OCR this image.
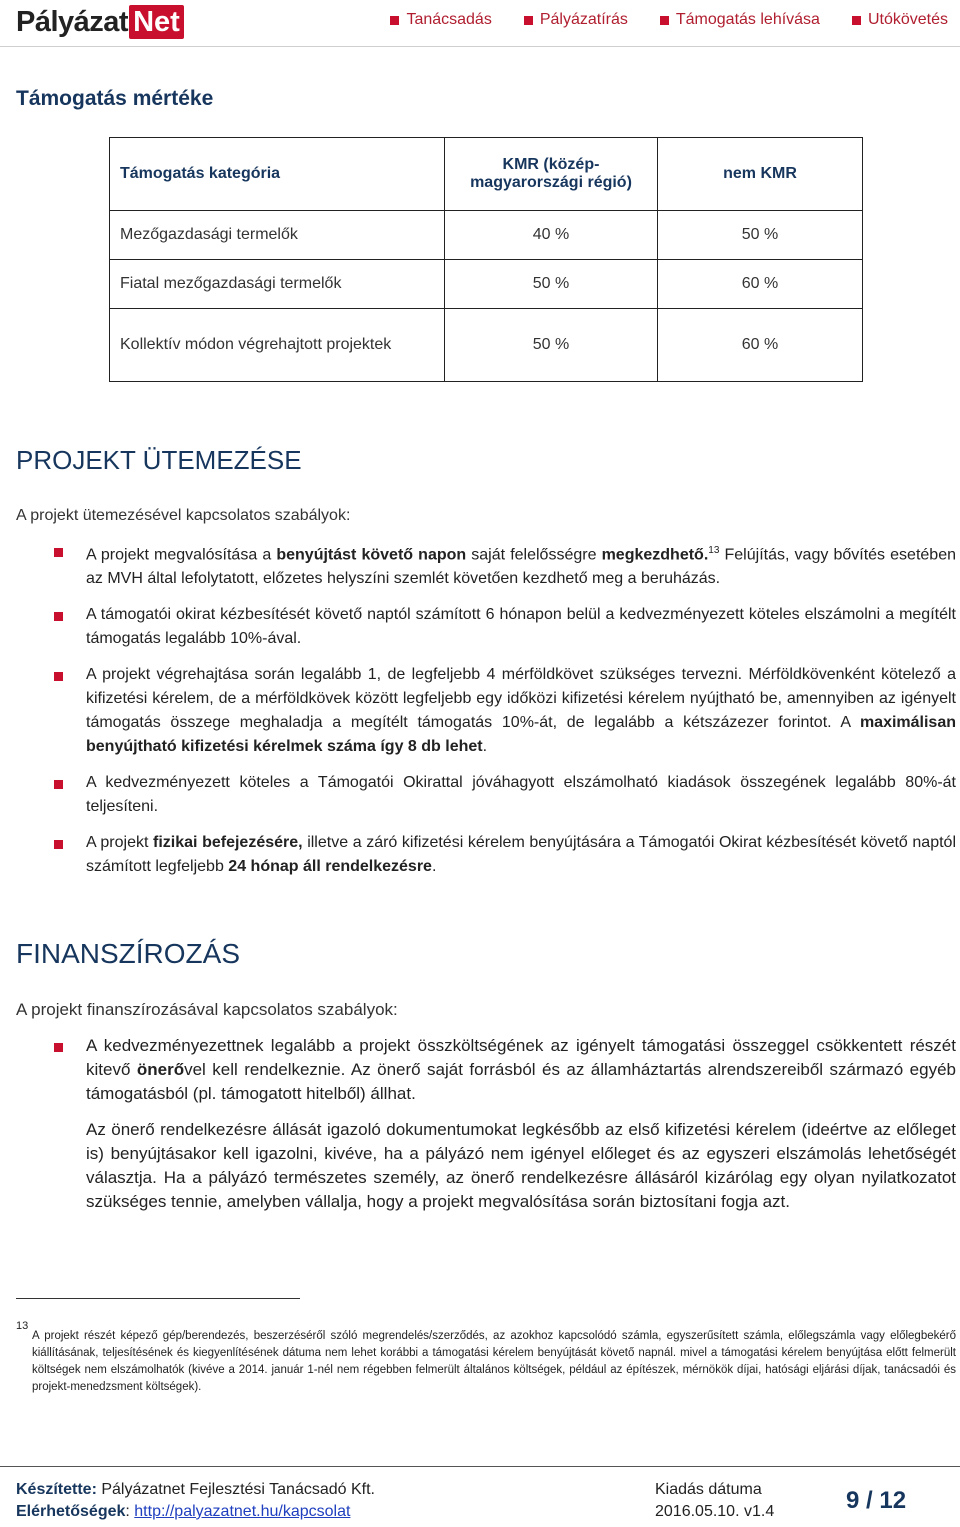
Pályázat Net	Tanácsadás	Pályázatírás	Támogatás lehívása	Utókövetés
Támogatás mértéke
Támogatás kategória	KMR (közép-magyarországi régió)	nem KMR
Mezőgazdasági termelők	40 %	50 %
Fiatal mezőgazdasági termelők	50 %	60 %
Kollektív módon végrehajtott projektek	50 %	60 %
PROJEKT ÜTEMEZÉSE
A projekt ütemezésével kapcsolatos szabályok:
A projekt megvalósítása a benyújtást követő napon saját felelősségre megkezdhető.$^{13}$ Felújítás, vagy bővítés esetében az MVH által lefolytatott, előzetes helyszíni szemlét követően kezdhető meg a beruházás.
A támogatói okirat kézbesítését követő naptól számított 6 hónapon belül a kedvezményezett köteles elszámolni a megítélt támogatás legalább 10%-ával.
A projekt végrehajtása során legalább 1, de legfeljebb 4 mérföldkövet szükséges tervezni. Mérföldkövenként kötelező a kifizetési kérelem, de a mérföldkövek között legfeljebb egy időközi kifizetési kérelem nyújtható be, amennyiben az igényelt támogatás összege meghaladja a megítélt támogatás 10%-át, de legalább a kétszázezer forintot. A maximálisan benyújtható kifizetési kérelmek száma így 8 db lehet.
A kedvezményezett köteles a Támogatói Okirattal jóváhagyott elszámolható kiadások összegének legalább 80%-át teljesíteni.
A projekt fizikai befejezésére, illetve a záró kifizetési kérelem benyújtására a Támogatói Okirat kézbesítését követő naptól számított legfeljebb 24 hónap áll rendelkezésre.
FINANSZÍROZÁS
A projekt finanszírozásával kapcsolatos szabályok:
A kedvezményezettnek legalább a projekt összköltségének az igényelt támogatási összeggel csökkentett részét kitevő önerővel kell rendelkeznie. Az önerő saját forrásból és az államháztartás alrendszereiből származó egyéb támogatásból (pl. támogatott hitelből) állhat.
Az önerő rendelkezésre állását igazoló dokumentumokat legkésőbb az első kifizetési kérelem (ideértve az előleget is) benyújtásakor kell igazolni, kivéve, ha a pályázó nem igényel előleget és az egyszeri elszámolás lehetőségét választja. Ha a pályázó természetes személy, az önerő rendelkezésre állásáról kizárólag egy olyan nyilatkozatot szükséges tennie, amelyben vállalja, hogy a projekt megvalósítása során biztosítani fogja azt.
13
A projekt részét képező gép/berendezés, beszerzéséről szóló megrendelés/szerződés, az azokhoz kapcsolódó számla, egyszerűsített számla, előlegszámla vagy előlegbekérő kiállításának, teljesítésének és kiegyenlítésének dátuma nem lehet korábbi a támogatási kérelem benyújtását követő napnál. mivel a támogatási kérelem benyújtása előtt felmerült költségek nem elszámolhatók (kivéve a 2014. január 1-nél nem régebben felmerült általános költségek, például az építészek, mérnökök díjai, hatósági eljárási díjak, tanácsadói és projekt-menedzsment költségek).
Készítette: Pályázatnet Fejlesztési Tanácsadó Kft.
Elérhetőségek: http://palyazatnet.hu/kapcsolat
Kiadás dátuma
2016.05.10. v1.4	9 / 12
